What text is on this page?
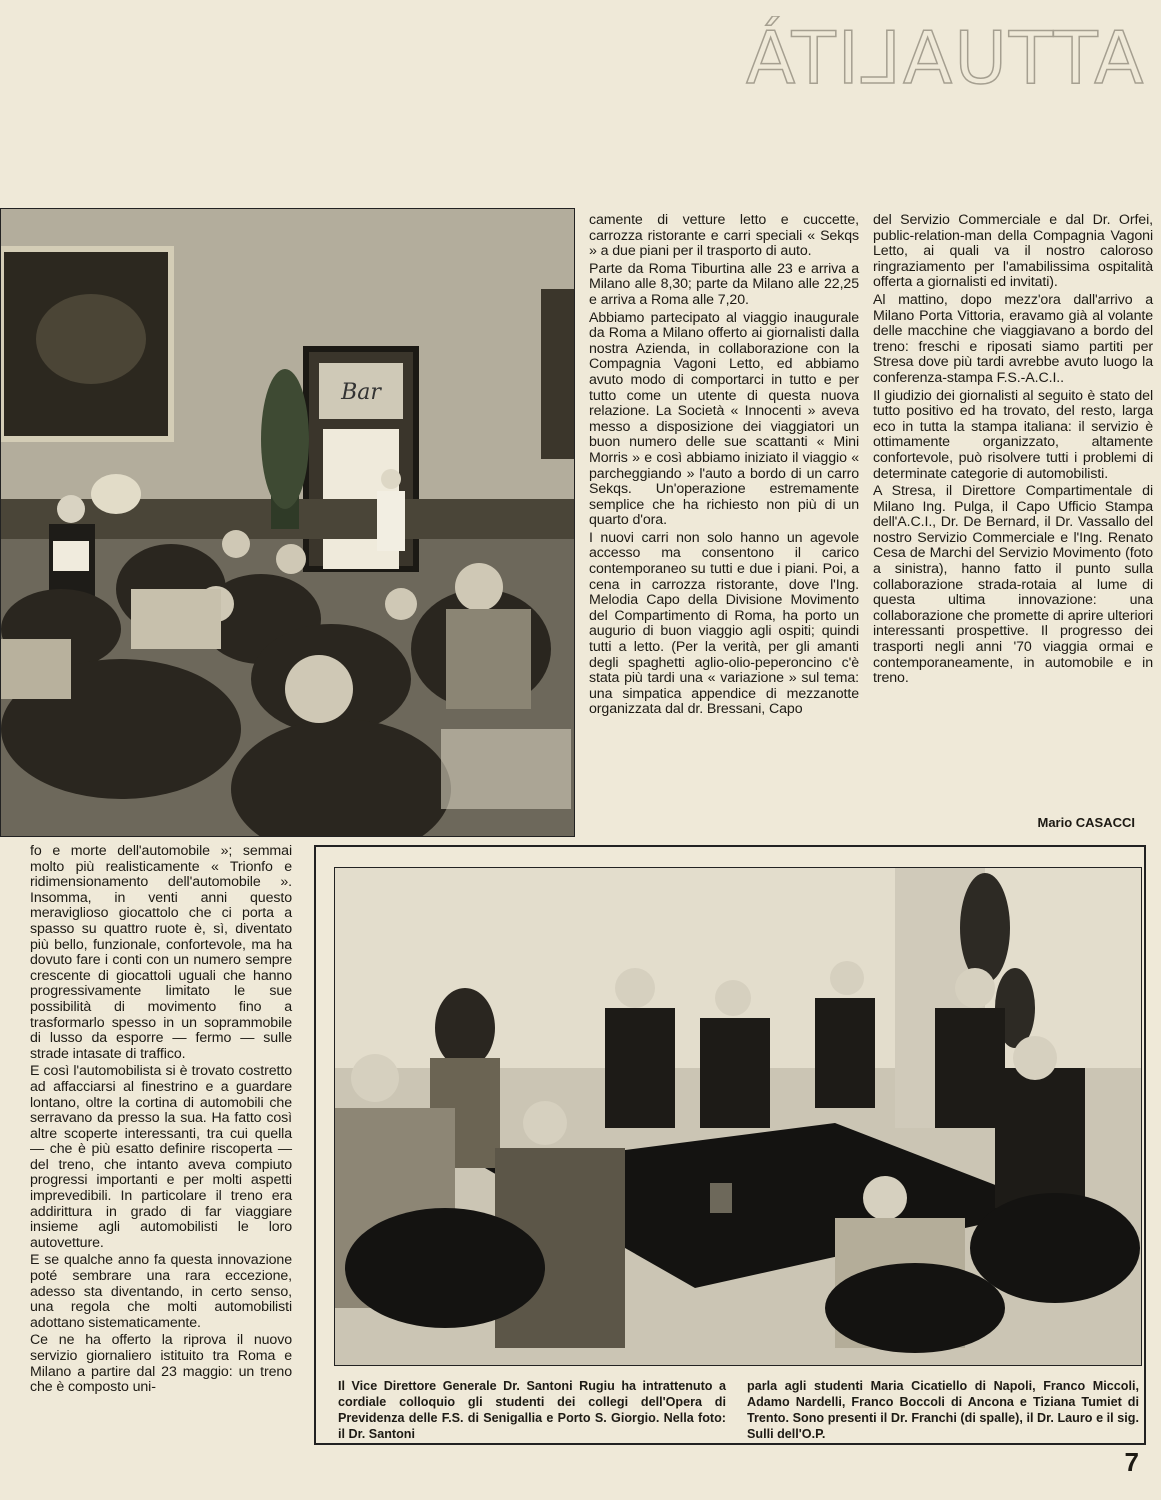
ATTUALITÀ
Bar

camente di vetture letto e cuccette, carrozza ristorante e carri speciali « Sekqs » a due piani per il trasporto di auto.

Parte da Roma Tiburtina alle 23 e arriva a Milano alle 8,30; parte da Milano alle 22,25 e arriva a Roma alle 7,20.

Abbiamo partecipato al viaggio inaugurale da Roma a Milano offerto ai giornalisti dalla nostra Azienda, in collaborazione con la Compagnia Vagoni Letto, ed abbiamo avuto modo di comportarci in tutto e per tutto come un utente di questa nuova relazione. La Società « Innocenti » aveva messo a disposizione dei viaggiatori un buon numero delle sue scattanti « Mini Morris » e così abbiamo iniziato il viaggio « parcheggiando » l'auto a bordo di un carro Sekqs. Un'operazione estremamente semplice che ha richiesto non più di un quarto d'ora.

I nuovi carri non solo hanno un agevole accesso ma consentono il carico contemporaneo su tutti e due i piani. Poi, a cena in carrozza ristorante, dove l'Ing. Melodia Capo della Divisione Movimento del Compartimento di Roma, ha porto un augurio di buon viaggio agli ospiti; quindi tutti a letto. (Per la verità, per gli amanti degli spaghetti aglio-olio-peperoncino c'è stata più tardi una « variazione » sul tema: una simpatica appendice di mezzanotte organizzata dal dr. Bressani, Capo

del Servizio Commerciale e dal Dr. Orfei, public-relation-man della Compagnia Vagoni Letto, ai quali va il nostro caloroso ringraziamento per l'amabilissima ospitalità offerta a giornalisti ed invitati).

Al mattino, dopo mezz'ora dall'arrivo a Milano Porta Vittoria, eravamo già al volante delle macchine che viaggiavano a bordo del treno: freschi e riposati siamo partiti per Stresa dove più tardi avrebbe avuto luogo la conferenza-stampa F.S.-A.C.I..

Il giudizio dei giornalisti al seguito è stato del tutto positivo ed ha trovato, del resto, larga eco in tutta la stampa italiana: il servizio è ottimamente organizzato, altamente confortevole, può risolvere tutti i problemi di determinate categorie di automobilisti.

A Stresa, il Direttore Compartimentale di Milano Ing. Pulga, il Capo Ufficio Stampa dell'A.C.I., Dr. De Bernard, il Dr. Vassallo del nostro Servizio Commerciale e l'Ing. Renato Cesa de Marchi del Servizio Movimento (foto a sinistra), hanno fatto il punto sulla collaborazione strada-rotaia al lume di questa ultima innovazione: una collaborazione che promette di aprire ulteriori interessanti prospettive. Il progresso dei trasporti negli anni '70 viaggia ormai e contemporaneamente, in automobile e in treno.

Mario CASACCI

fo e morte dell'automobile »; semmai molto più realisticamente « Trionfo e ridimensionamento dell'automobile ». Insomma, in venti anni questo meraviglioso giocattolo che ci porta a spasso su quattro ruote è, sì, diventato più bello, funzionale, confortevole, ma ha dovuto fare i conti con un numero sempre crescente di giocattoli uguali che hanno progressivamente limitato le sue possibilità di movimento fino a trasformarlo spesso in un soprammobile di lusso da esporre — fermo — sulle strade intasate di traffico.

E così l'automobilista si è trovato costretto ad affacciarsi al finestrino e a guardare lontano, oltre la cortina di automobili che serravano da presso la sua. Ha fatto così altre scoperte interessanti, tra cui quella — che è più esatto definire riscoperta — del treno, che intanto aveva compiuto progressi importanti e per molti aspetti imprevedibili. In particolare il treno era addirittura in grado di far viaggiare insieme agli automobilisti le loro autovetture.

E se qualche anno fa questa innovazione poté sembrare una rara eccezione, adesso sta diventando, in certo senso, una regola che molti automobilisti adottano sistematicamente.

Ce ne ha offerto la riprova il nuovo servizio giornaliero istituito tra Roma e Milano a partire dal 23 maggio: un treno che è composto uni-	Il Vice Direttore Generale Dr. Santoni Rugiu ha intrattenuto a cordiale colloquio gli studenti dei collegi dell'Opera di Previdenza delle F.S. di Senigallia e Porto S. Giorgio. Nella foto: il Dr. Santoni
parla agli studenti Maria Cicatiello di Napoli, Franco Miccoli, Adamo Nardelli, Franco Boccoli di Ancona e Tiziana Tumiet di Trento. Sono presenti il Dr. Franchi (di spalle), il Dr. Lauro e il sig. Sulli dell'O.P.
7
